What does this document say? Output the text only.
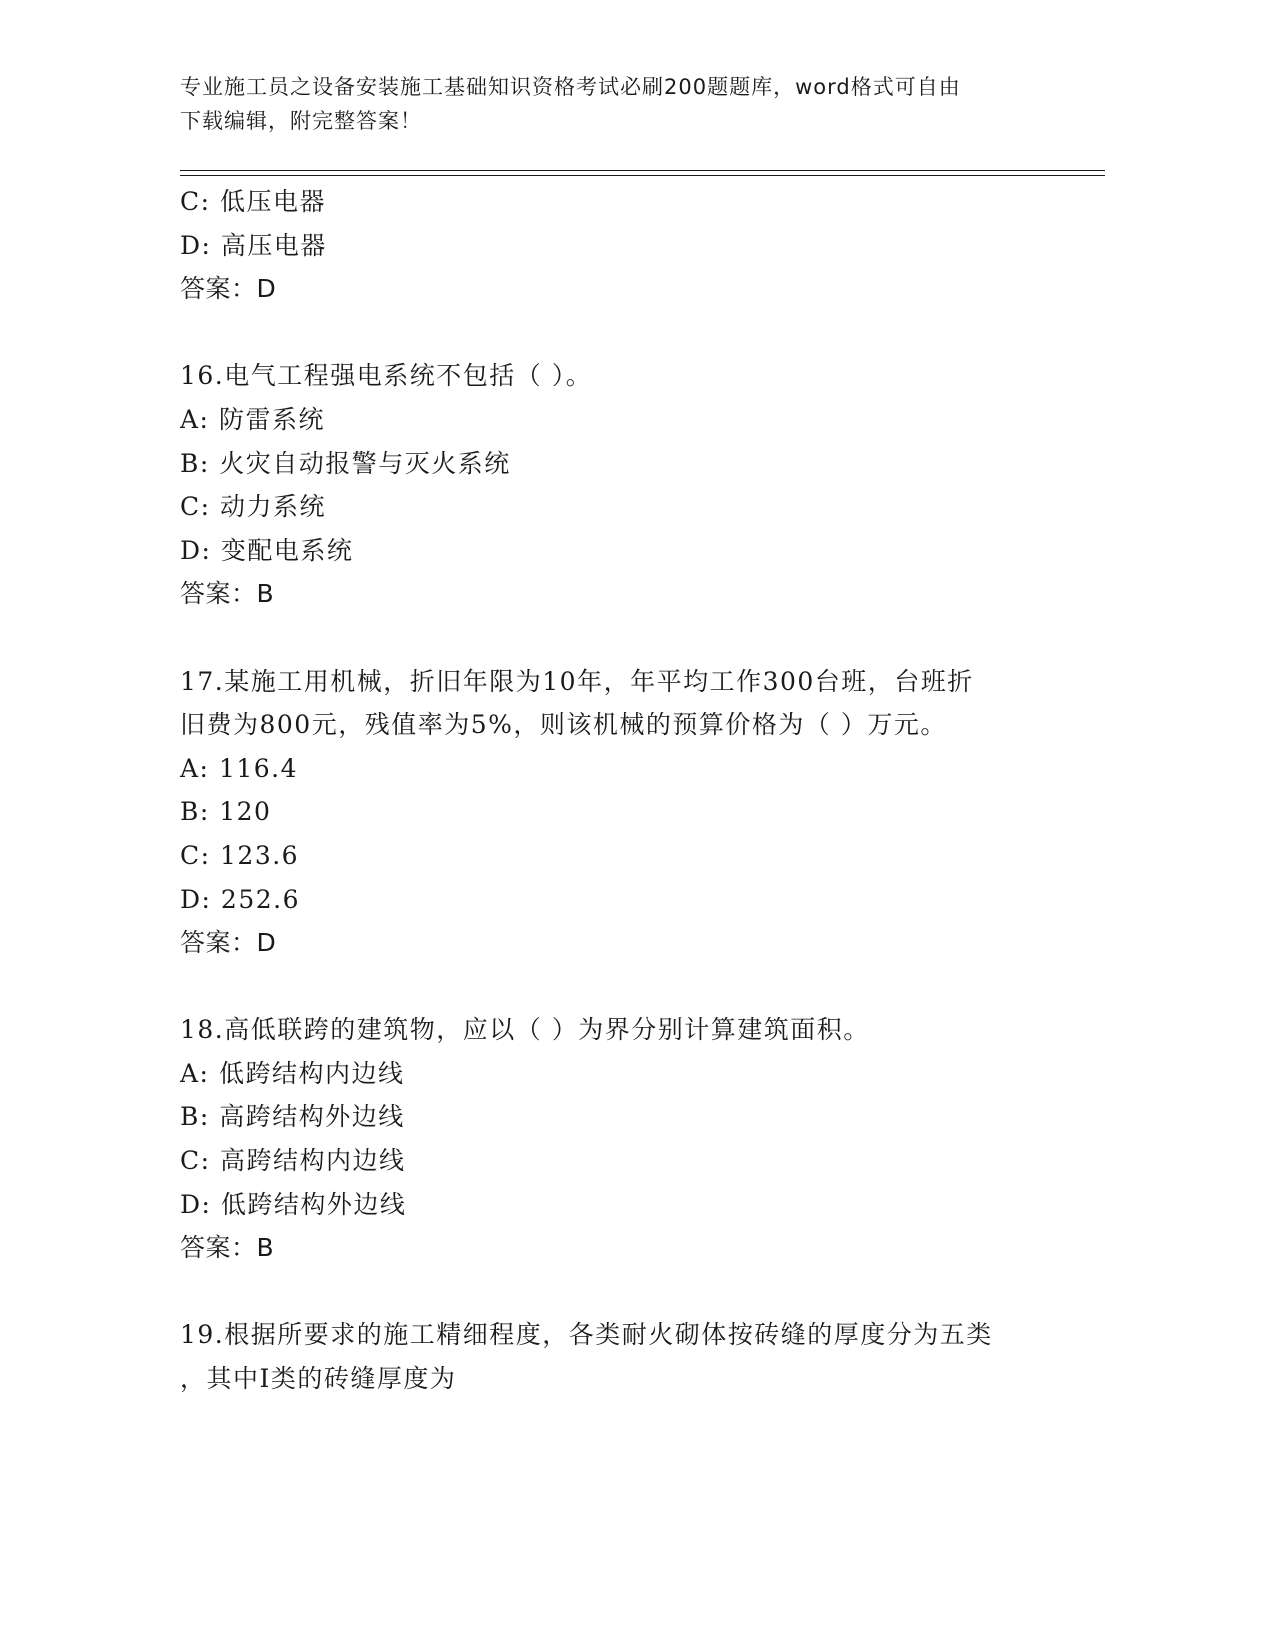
专业施工员之设备安装施工基础知识资格考试必刷200题题库，word格式可自由
下载编辑，附完整答案！
C: 低压电器
D: 高压电器
答案：D
16.电气工程强电系统不包括（ ）。
A: 防雷系统
B: 火灾自动报警与灭火系统
C: 动力系统
D: 变配电系统
答案：B
17.某施工用机械，折旧年限为10年，年平均工作300台班，台班折
旧费为800元，残值率为5%，则该机械的预算价格为（ ）万元。
A: 116.4
B: 120
C: 123.6
D: 252.6
答案：D
18.高低联跨的建筑物，应以（ ）为界分别计算建筑面积。
A: 低跨结构内边线
B: 高跨结构外边线
C: 高跨结构内边线
D: 低跨结构外边线
答案：B
19.根据所要求的施工精细程度，各类耐火砌体按砖缝的厚度分为五类
，其中I类的砖缝厚度为
